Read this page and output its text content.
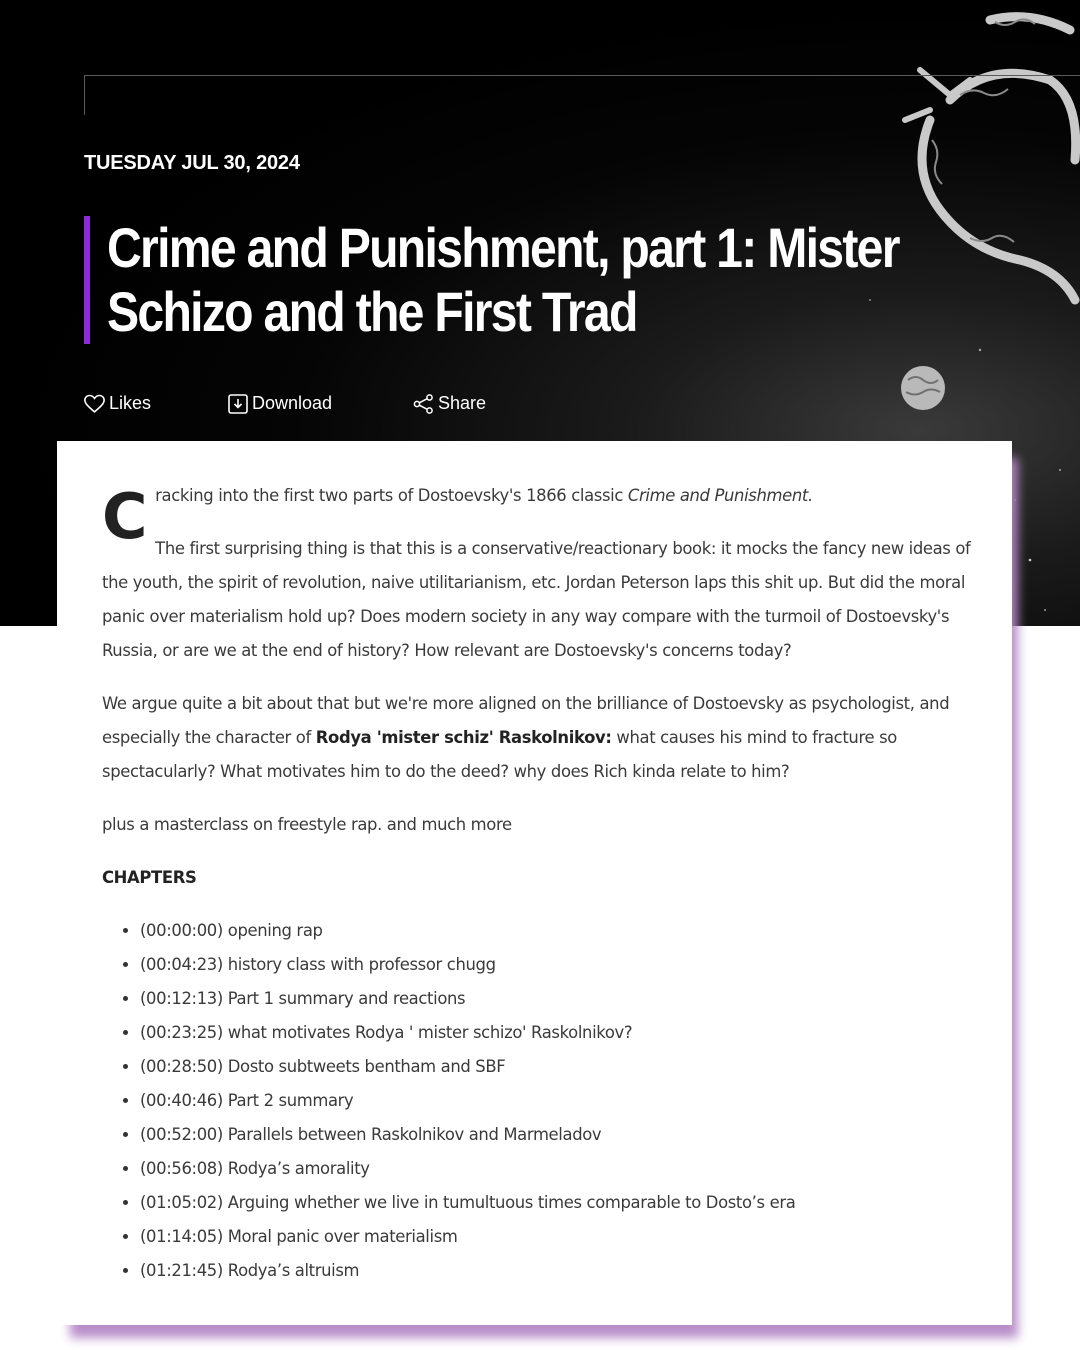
TUESDAY JUL 30, 2024
Crime and Punishment, part 1: Mister Schizo and the First Trad
Likes	Download	Share
C racking into the first two parts of Dostoevsky's 1866 classic Crime and Punishment.

The first surprising thing is that this is a conservative/reactionary book: it mocks the fancy new ideas of the youth, the spirit of revolution, naive utilitarianism, etc. Jordan Peterson laps this shit up. But did the moral panic over materialism hold up? Does modern society in any way compare with the turmoil of Dostoevsky's Russia, or are we at the end of history? How relevant are Dostoevsky's concerns today?

We argue quite a bit about that but we're more aligned on the brilliance of Dostoevsky as psychologist, and especially the character of Rodya 'mister schiz' Raskolnikov: what causes his mind to fracture so spectacularly? What motivates him to do the deed? why does Rich kinda relate to him?

plus a masterclass on freestyle rap. and much more

CHAPTERS

• (00:00:00) opening rap
• (00:04:23) history class with professor chugg
• (00:12:13) Part 1 summary and reactions
• (00:23:25) what motivates Rodya ' mister schizo' Raskolnikov?
• (00:28:50) Dosto subtweets bentham and SBF
• (00:40:46) Part 2 summary
• (00:52:00) Parallels between Raskolnikov and Marmeladov
• (00:56:08) Rodya’s amorality
• (01:05:02) Arguing whether we live in tumultuous times comparable to Dosto’s era
• (01:14:05) Moral panic over materialism
• (01:21:45) Rodya’s altruism
